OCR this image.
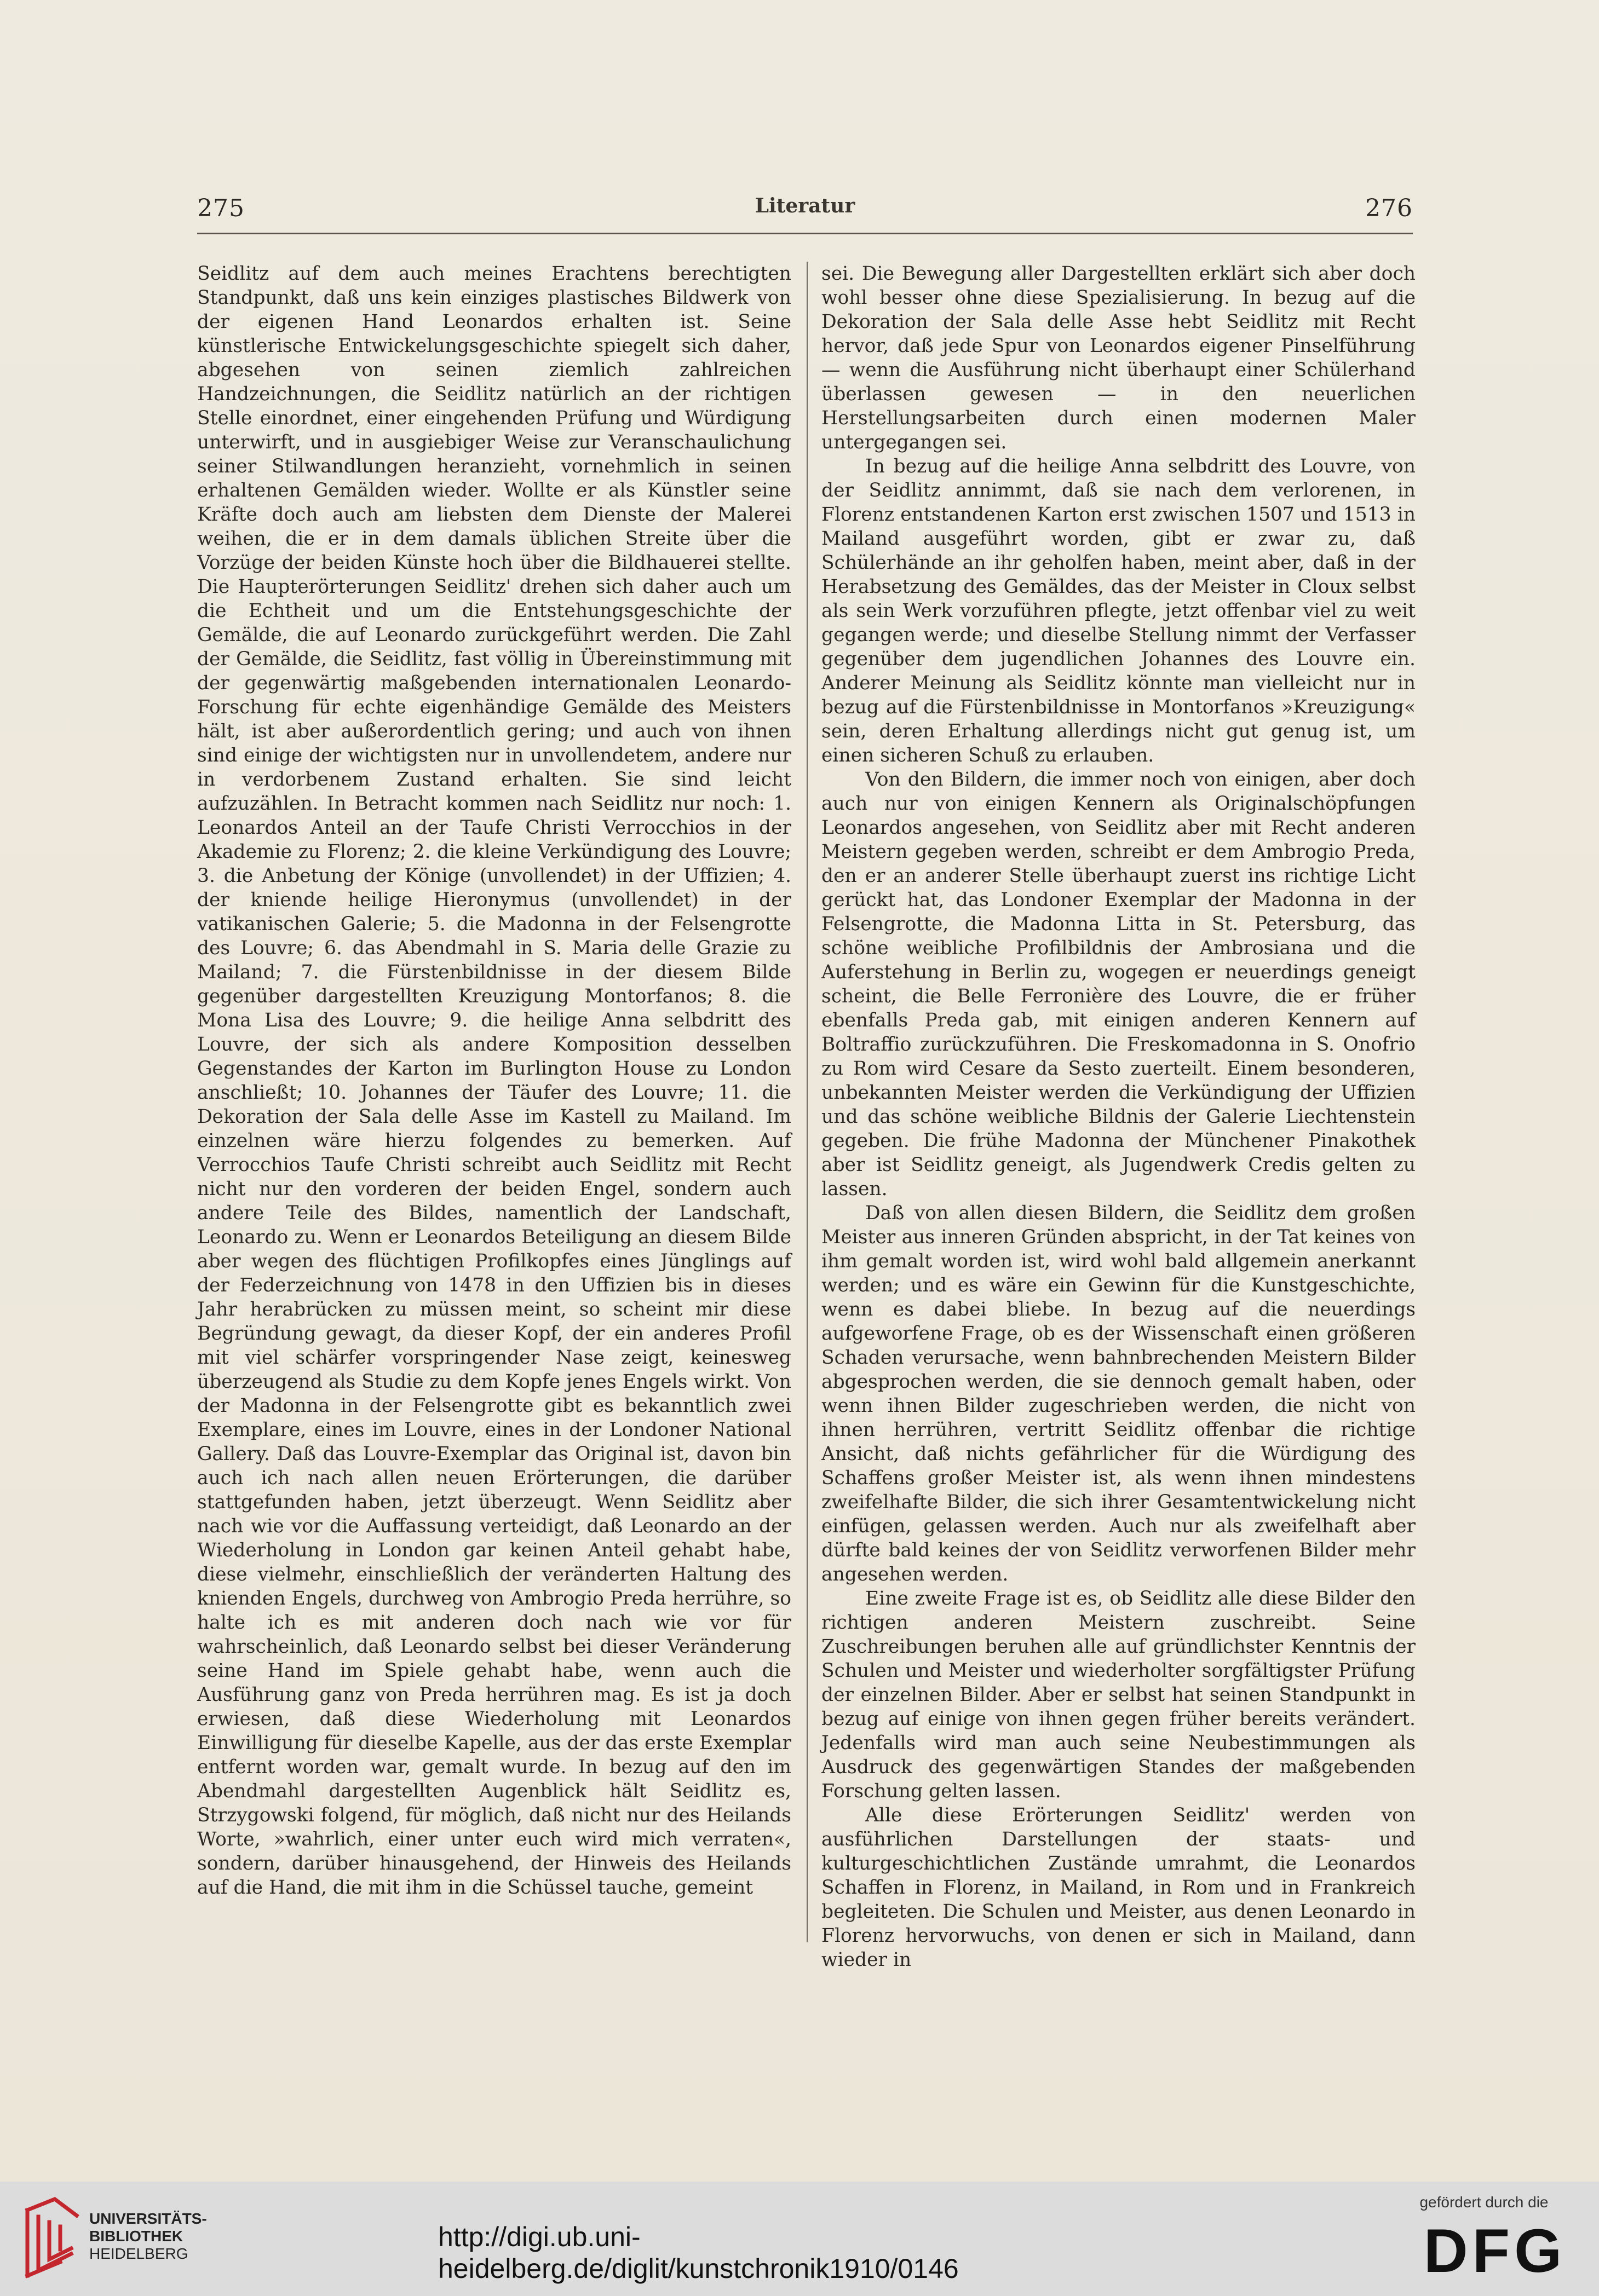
275	Literatur	276

Seidlitz auf dem auch meines Erachtens berechtigten Standpunkt, daß uns kein einziges plastisches Bildwerk von der eigenen Hand Leonardos erhalten ist. Seine künstlerische Entwickelungsgeschichte spiegelt sich daher, abgesehen von seinen ziemlich zahlreichen Handzeichnungen, die Seidlitz natürlich an der richtigen Stelle einordnet, einer eingehenden Prüfung und Würdigung unterwirft, und in ausgiebiger Weise zur Veranschaulichung seiner Stilwandlungen heranzieht, vornehmlich in seinen erhaltenen Gemälden wieder. Wollte er als Künstler seine Kräfte doch auch am liebsten dem Dienste der Malerei weihen, die er in dem damals üblichen Streite über die Vorzüge der beiden Künste hoch über die Bildhauerei stellte. Die Haupterörterungen Seidlitz' drehen sich daher auch um die Echtheit und um die Entstehungsgeschichte der Gemälde, die auf Leonardo zurückgeführt werden. Die Zahl der Gemälde, die Seidlitz, fast völlig in Übereinstimmung mit der gegenwärtig maßgebenden internationalen Leonardo-Forschung für echte eigenhändige Gemälde des Meisters hält, ist aber außerordentlich gering; und auch von ihnen sind einige der wichtigsten nur in unvollendetem, andere nur in verdorbenem Zustand erhalten. Sie sind leicht aufzuzählen. In Betracht kommen nach Seidlitz nur noch: 1. Leonardos Anteil an der Taufe Christi Verrocchios in der Akademie zu Florenz; 2. die kleine Verkündigung des Louvre; 3. die Anbetung der Könige (unvollendet) in der Uffizien; 4. der kniende heilige Hieronymus (unvollendet) in der vatikanischen Galerie; 5. die Madonna in der Felsengrotte des Louvre; 6. das Abendmahl in S. Maria delle Grazie zu Mailand; 7. die Fürstenbildnisse in der diesem Bilde gegenüber dargestellten Kreuzigung Montorfanos; 8. die Mona Lisa des Louvre; 9. die heilige Anna selbdritt des Louvre, der sich als andere Komposition desselben Gegenstandes der Karton im Burlington House zu London anschließt; 10. Johannes der Täufer des Louvre; 11. die Dekoration der Sala delle Asse im Kastell zu Mailand. Im einzelnen wäre hierzu folgendes zu bemerken. Auf Verrocchios Taufe Christi schreibt auch Seidlitz mit Recht nicht nur den vorderen der beiden Engel, sondern auch andere Teile des Bildes, namentlich der Landschaft, Leonardo zu. Wenn er Leonardos Beteiligung an diesem Bilde aber wegen des flüchtigen Profilkopfes eines Jünglings auf der Federzeichnung von 1478 in den Uffizien bis in dieses Jahr herabrücken zu müssen meint, so scheint mir diese Begründung gewagt, da dieser Kopf, der ein anderes Profil mit viel schärfer vorspringender Nase zeigt, keinesweg überzeugend als Studie zu dem Kopfe jenes Engels wirkt. Von der Madonna in der Felsengrotte gibt es bekanntlich zwei Exemplare, eines im Louvre, eines in der Londoner National Gallery. Daß das Louvre-Exemplar das Original ist, davon bin auch ich nach allen neuen Erörterungen, die darüber stattgefunden haben, jetzt überzeugt. Wenn Seidlitz aber nach wie vor die Auffassung verteidigt, daß Leonardo an der Wiederholung in London gar keinen Anteil gehabt habe, diese vielmehr, einschließlich der veränderten Haltung des knienden Engels, durchweg von Ambrogio Preda herrühre, so halte ich es mit anderen doch nach wie vor für wahrscheinlich, daß Leonardo selbst bei dieser Veränderung seine Hand im Spiele gehabt habe, wenn auch die Ausführung ganz von Preda herrühren mag. Es ist ja doch erwiesen, daß diese Wiederholung mit Leonardos Einwilligung für dieselbe Kapelle, aus der das erste Exemplar entfernt worden war, gemalt wurde. In bezug auf den im Abendmahl dargestellten Augenblick hält Seidlitz es, Strzygowski folgend, für möglich, daß nicht nur des Heilands Worte, »wahrlich, einer unter euch wird mich verraten«, sondern, darüber hinausgehend, der Hinweis des Heilands auf die Hand, die mit ihm in die Schüssel tauche, gemeint

sei. Die Bewegung aller Dargestellten erklärt sich aber doch wohl besser ohne diese Spezialisierung. In bezug auf die Dekoration der Sala delle Asse hebt Seidlitz mit Recht hervor, daß jede Spur von Leonardos eigener Pinselführung — wenn die Ausführung nicht überhaupt einer Schülerhand überlassen gewesen — in den neuerlichen Herstellungsarbeiten durch einen modernen Maler untergegangen sei.

In bezug auf die heilige Anna selbdritt des Louvre, von der Seidlitz annimmt, daß sie nach dem verlorenen, in Florenz entstandenen Karton erst zwischen 1507 und 1513 in Mailand ausgeführt worden, gibt er zwar zu, daß Schülerhände an ihr geholfen haben, meint aber, daß in der Herabsetzung des Gemäldes, das der Meister in Cloux selbst als sein Werk vorzuführen pflegte, jetzt offenbar viel zu weit gegangen werde; und dieselbe Stellung nimmt der Verfasser gegenüber dem jugendlichen Johannes des Louvre ein. Anderer Meinung als Seidlitz könnte man vielleicht nur in bezug auf die Fürstenbildnisse in Montorfanos »Kreuzigung« sein, deren Erhaltung allerdings nicht gut genug ist, um einen sicheren Schuß zu erlauben.

Von den Bildern, die immer noch von einigen, aber doch auch nur von einigen Kennern als Originalschöpfungen Leonardos angesehen, von Seidlitz aber mit Recht anderen Meistern gegeben werden, schreibt er dem Ambrogio Preda, den er an anderer Stelle überhaupt zuerst ins richtige Licht gerückt hat, das Londoner Exemplar der Madonna in der Felsengrotte, die Madonna Litta in St. Petersburg, das schöne weibliche Profilbildnis der Ambrosiana und die Auferstehung in Berlin zu, wogegen er neuerdings geneigt scheint, die Belle Ferronière des Louvre, die er früher ebenfalls Preda gab, mit einigen anderen Kennern auf Boltraffio zurückzuführen. Die Freskomadonna in S. Onofrio zu Rom wird Cesare da Sesto zuerteilt. Einem besonderen, unbekannten Meister werden die Verkündigung der Uffizien und das schöne weibliche Bildnis der Galerie Liechtenstein gegeben. Die frühe Madonna der Münchener Pinakothek aber ist Seidlitz geneigt, als Jugendwerk Credis gelten zu lassen.

Daß von allen diesen Bildern, die Seidlitz dem großen Meister aus inneren Gründen abspricht, in der Tat keines von ihm gemalt worden ist, wird wohl bald allgemein anerkannt werden; und es wäre ein Gewinn für die Kunstgeschichte, wenn es dabei bliebe. In bezug auf die neuerdings aufgeworfene Frage, ob es der Wissenschaft einen größeren Schaden verursache, wenn bahnbrechenden Meistern Bilder abgesprochen werden, die sie dennoch gemalt haben, oder wenn ihnen Bilder zugeschrieben werden, die nicht von ihnen herrühren, vertritt Seidlitz offenbar die richtige Ansicht, daß nichts gefährlicher für die Würdigung des Schaffens großer Meister ist, als wenn ihnen mindestens zweifelhafte Bilder, die sich ihrer Gesamtentwickelung nicht einfügen, gelassen werden. Auch nur als zweifelhaft aber dürfte bald keines der von Seidlitz verworfenen Bilder mehr angesehen werden.

Eine zweite Frage ist es, ob Seidlitz alle diese Bilder den richtigen anderen Meistern zuschreibt. Seine Zuschreibungen beruhen alle auf gründlichster Kenntnis der Schulen und Meister und wiederholter sorgfältigster Prüfung der einzelnen Bilder. Aber er selbst hat seinen Standpunkt in bezug auf einige von ihnen gegen früher bereits verändert. Jedenfalls wird man auch seine Neubestimmungen als Ausdruck des gegenwärtigen Standes der maßgebenden Forschung gelten lassen.

Alle diese Erörterungen Seidlitz' werden von ausführlichen Darstellungen der staats- und kulturgeschichtlichen Zustände umrahmt, die Leonardos Schaffen in Florenz, in Mailand, in Rom und in Frankreich begleiteten. Die Schulen und Meister, aus denen Leonardo in Florenz hervorwuchs, von denen er sich in Mailand, dann wieder in

UNIVERSITÄTS-
BIBLIOTHEK
HEIDELBERG
http://digi.ub.uni-heidelberg.de/diglit/kunstchronik1910/0146
gefördert durch die
DFG
